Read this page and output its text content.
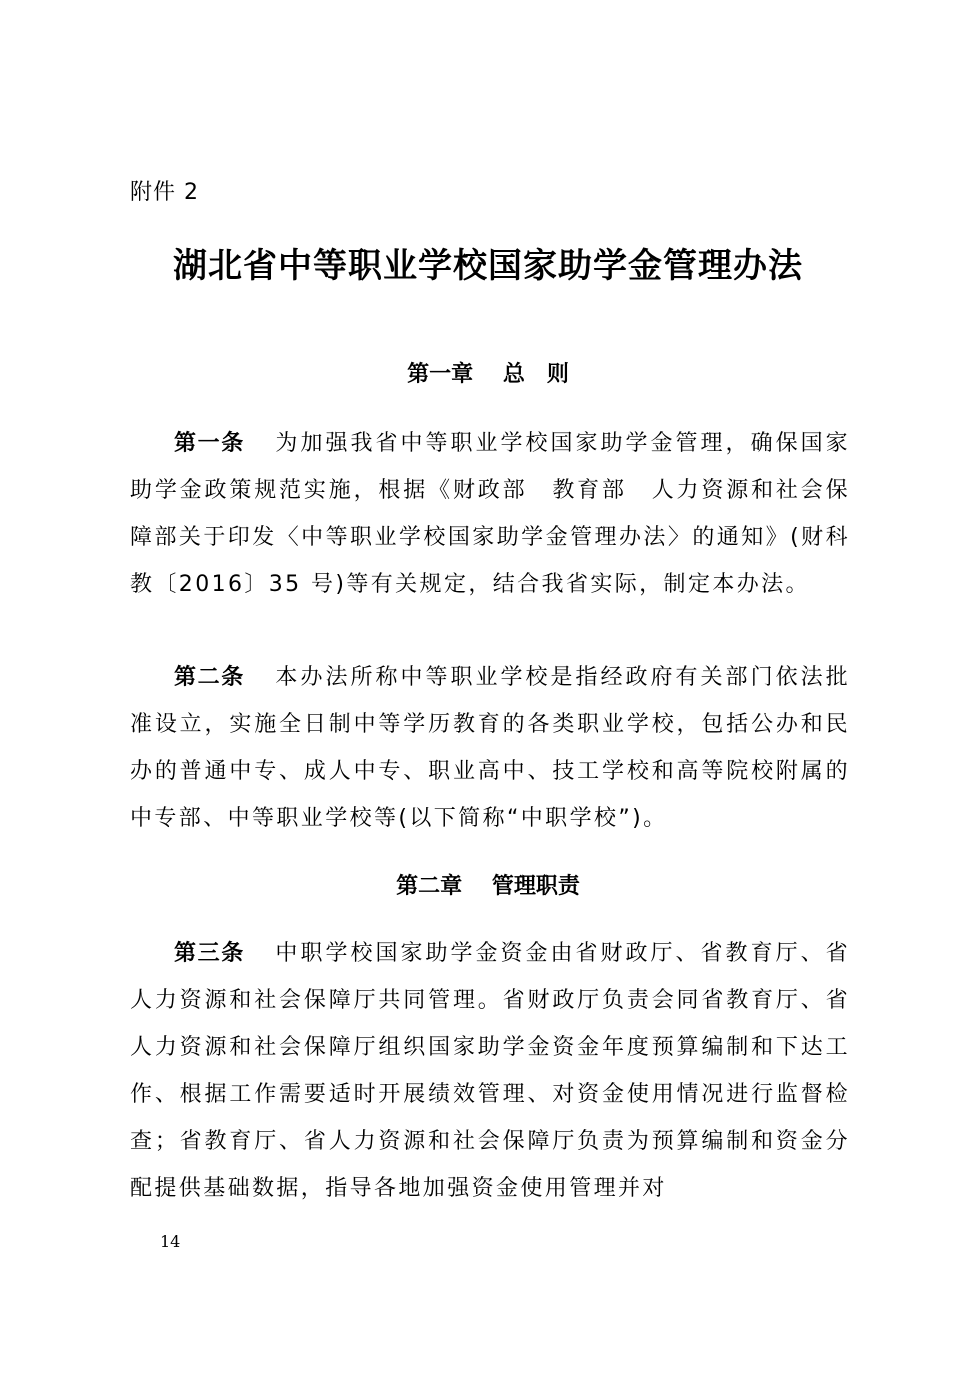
附件 2
湖北省中等职业学校国家助学金管理办法
第一章　 总　则

第一条 为加强我省中等职业学校国家助学金管理，确保国家助学金政策规范实施，根据《财政部　教育部　人力资源和社会保障部关于印发〈中等职业学校国家助学金管理办法〉的通知》(财科教〔2016〕35 号)等有关规定，结合我省实际，制定本办法。

第二条 本办法所称中等职业学校是指经政府有关部门依法批准设立，实施全日制中等学历教育的各类职业学校，包括公办和民办的普通中专、成人中专、职业高中、技工学校和高等院校附属的中专部、中等职业学校等(以下简称“中职学校”)。

第二章　 管理职责

第三条 中职学校国家助学金资金由省财政厅、省教育厅、省人力资源和社会保障厅共同管理。省财政厅负责会同省教育厅、省人力资源和社会保障厅组织国家助学金资金年度预算编制和下达工作、根据工作需要适时开展绩效管理、对资金使用情况进行监督检查；省教育厅、省人力资源和社会保障厅负责为预算编制和资金分配提供基础数据，指导各地加强资金使用管理并对

14
